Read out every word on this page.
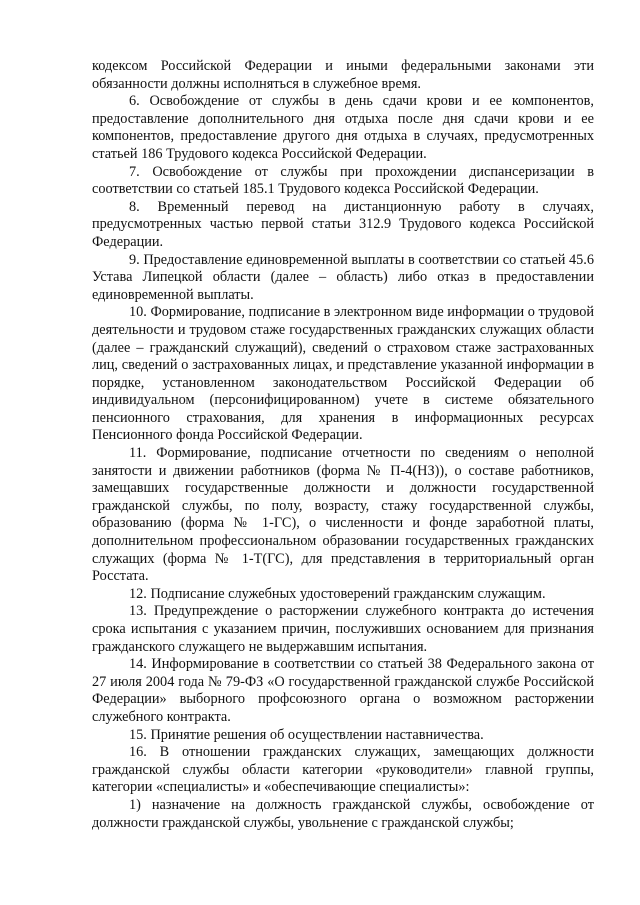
кодексом Российской Федерации и иными федеральными законами эти обязанности должны исполняться в служебное время.

6. Освобождение от службы в день сдачи крови и ее компонентов, предоставление дополнительного дня отдыха после дня сдачи крови и ее компонентов, предоставление другого дня отдыха в случаях, предусмотренных статьей 186 Трудового кодекса Российской Федерации.

7. Освобождение от службы при прохождении диспансеризации в соответствии со статьей 185.1 Трудового кодекса Российской Федерации.

8. Временный перевод на дистанционную работу в случаях, предусмотренных частью первой статьи 312.9 Трудового кодекса Российской Федерации.

9. Предоставление единовременной выплаты в соответствии со статьей 45.6 Устава Липецкой области (далее – область) либо отказ в предоставлении единовременной выплаты.

10. Формирование, подписание в электронном виде информации о трудовой деятельности и трудовом стаже государственных гражданских служащих области (далее – гражданский служащий), сведений о страховом стаже застрахованных лиц, сведений о застрахованных лицах, и представление указанной информации в порядке, установленном законодательством Российской Федерации об индивидуальном (персонифицированном) учете в системе обязательного пенсионного страхования, для хранения в информационных ресурсах Пенсионного фонда Российской Федерации.

11. Формирование, подписание отчетности по сведениям о неполной занятости и движении работников (форма № П-4(НЗ)), о составе работников, замещавших государственные должности и должности государственной гражданской службы, по полу, возрасту, стажу государственной службы, образованию (форма № 1-ГС), о численности и фонде заработной платы, дополнительном профессиональном образовании государственных гражданских служащих (форма № 1-Т(ГС), для представления в территориальный орган Росстата.

12. Подписание служебных удостоверений гражданским служащим.

13. Предупреждение о расторжении служебного контракта до истечения срока испытания с указанием причин, послуживших основанием для признания гражданского служащего не выдержавшим испытания.

14. Информирование в соответствии со статьей 38 Федерального закона от 27 июля 2004 года № 79-ФЗ «О государственной гражданской службе Российской Федерации» выборного профсоюзного органа о возможном расторжении служебного контракта.

15. Принятие решения об осуществлении наставничества.

16. В отношении гражданских служащих, замещающих должности гражданской службы области категории «руководители» главной группы, категории «специалисты» и «обеспечивающие специалисты»:

1) назначение на должность гражданской службы, освобождение от должности гражданской службы, увольнение с гражданской службы;
